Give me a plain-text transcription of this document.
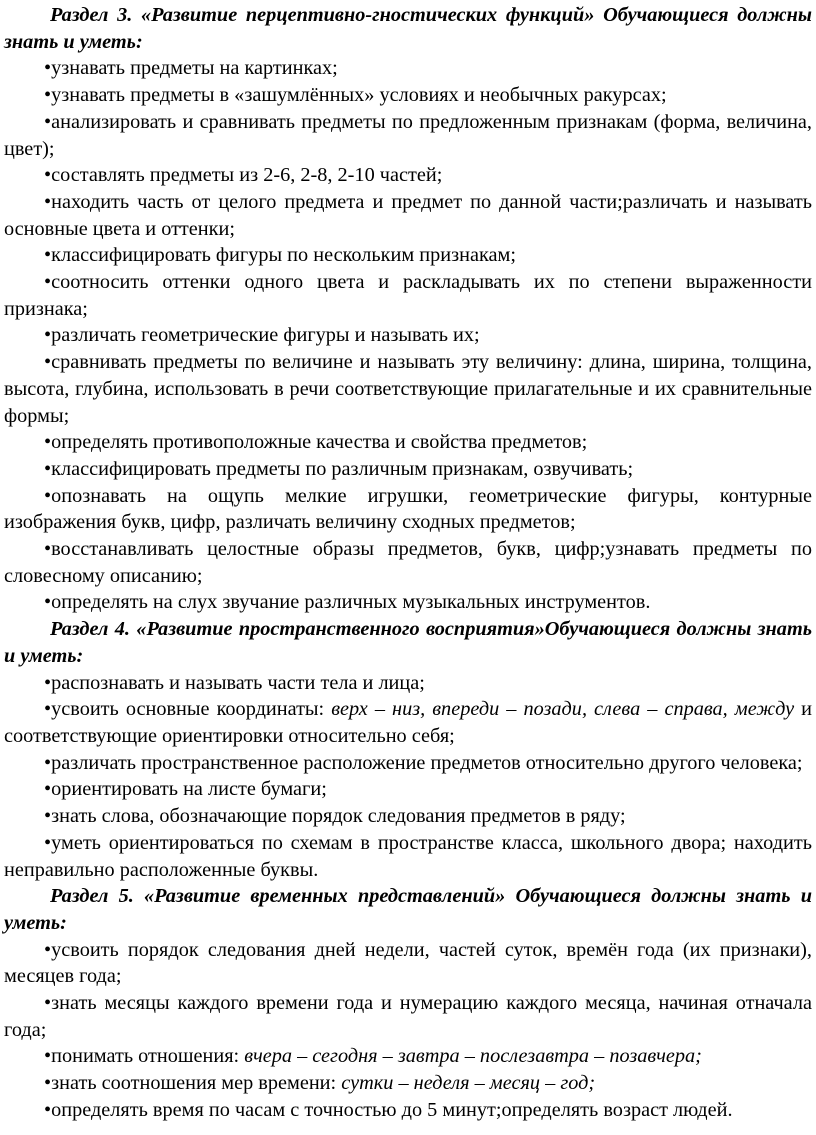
Раздел 3. «Развитие перцептивно-гностических функций» Обучающиеся должны знать и уметь:

•узнавать предметы на картинках;

•узнавать предметы в «зашумлённых» условиях и необычных ракурсах;

•анализировать и сравнивать предметы по предложенным признакам (форма, величина, цвет);

•составлять предметы из 2-6, 2-8, 2-10 частей;

•находить часть от целого предмета и предмет по данной части;различать и называть основные цвета и оттенки;

•классифицировать фигуры по нескольким признакам;

•соотносить оттенки одного цвета и раскладывать их по степени выраженности признака;

•различать геометрические фигуры и называть их;

•сравнивать предметы по величине и называть эту величину: длина, ширина, толщина, высота, глубина, использовать в речи соответствующие прилагательные и их сравнительные формы;

•определять противоположные качества и свойства предметов;

•классифицировать предметы по различным признакам, озвучивать;

•опознавать на ощупь мелкие игрушки, геометрические фигуры, контурные изображения букв, цифр, различать величину сходных предметов;

•восстанавливать целостные образы предметов, букв, цифр;узнавать предметы по словесному описанию;

•определять на слух звучание различных музыкальных инструментов.

Раздел 4. «Развитие пространственного восприятия»Обучающиеся должны знать и уметь:

•распознавать и называть части тела и лица;

•усвоить основные координаты: верх – низ, впереди – позади, слева – справа, между и соответствующие ориентировки относительно себя;

•различать пространственное расположение предметов относительно другого человека;

•ориентировать на листе бумаги;

•знать слова, обозначающие порядок следования предметов в ряду;

•уметь ориентироваться по схемам в пространстве класса, школьного двора; находить неправильно расположенные буквы.

Раздел 5. «Развитие временных представлений» Обучающиеся должны знать и уметь:

•усвоить порядок следования дней недели, частей суток, времён года (их признаки), месяцев года;

•знать месяцы каждого времени года и нумерацию каждого месяца, начиная отначала года;

•понимать отношения: вчера – сегодня – завтра – послезавтра – позавчера;

•знать соотношения мер времени: сутки – неделя – месяц – год;

•определять время по часам с точностью до 5 минут;определять возраст людей.
